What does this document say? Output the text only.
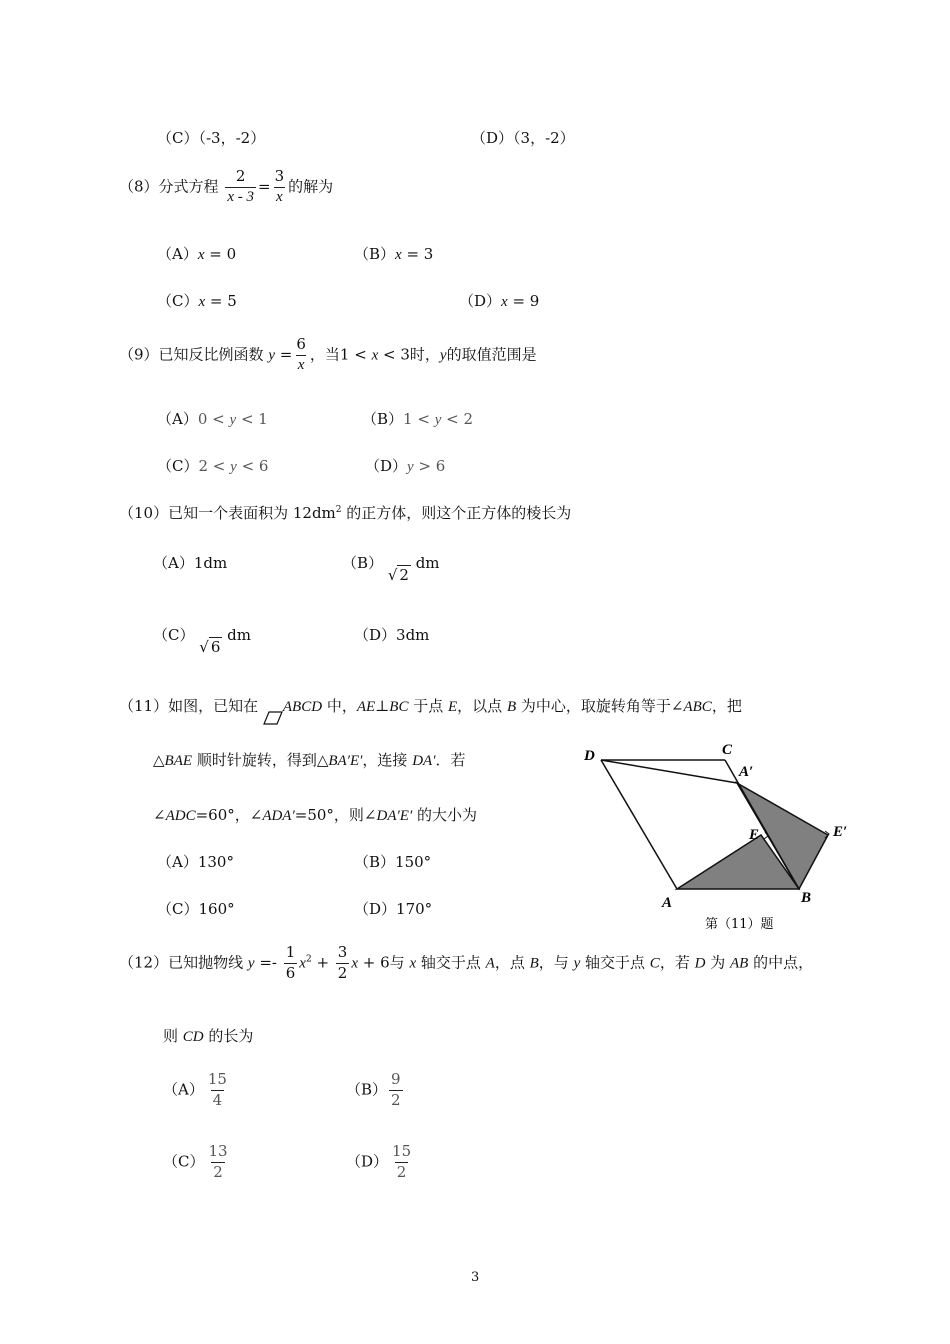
（C）（-3，-2）	（D）（3，-2）
（8）分式方程 $\frac{2}{x - 3} = \frac{3}{x}$ 的解为
（A）x = 0	（B）x = 3
（C）x = 5	（D）x = 9
（9）已知反比例函数 $y = \frac{6}{x}$ ，当1 < x < 3时，y的取值范围是
（A）0 < y < 1	（B）1 < y < 2
（C）2 < y < 6	（D）y > 6
（10）已知一个表面积为 $12dm^2$ 的正方体，则这个正方体的棱长为
（A）1dm	（B） √ 2 dm
（C） √ 6 dm	（D）3dm
（11）如图，已知在 ABCD 中，AE⊥BC 于点 E，以点 B 为中心，取旋转角等于∠ABC，把
△BAE 顺时针旋转，得到△BA′E′，连接 DA′．若
∠ADC=60°，∠ADA′=50°，则∠DA′E′ 的大小为
（A）130°	（B）150°
（C）160°	（D）170°
D	C
A′
E	E′
A	B
第（11）题
（12）已知抛物线 $y =- \frac{1}{6} x^2 + \frac{3}{2}$ x + 6与 x 轴交于点 A，点 B，与 y 轴交于点 C，若 D 为 AB 的中点，
则 CD 的长为
$(A) \frac{15}{4}$	$(B) \frac{9}{2}$
$(C) \frac{13}{2}$	$(D) \frac{15}{2}$
3
